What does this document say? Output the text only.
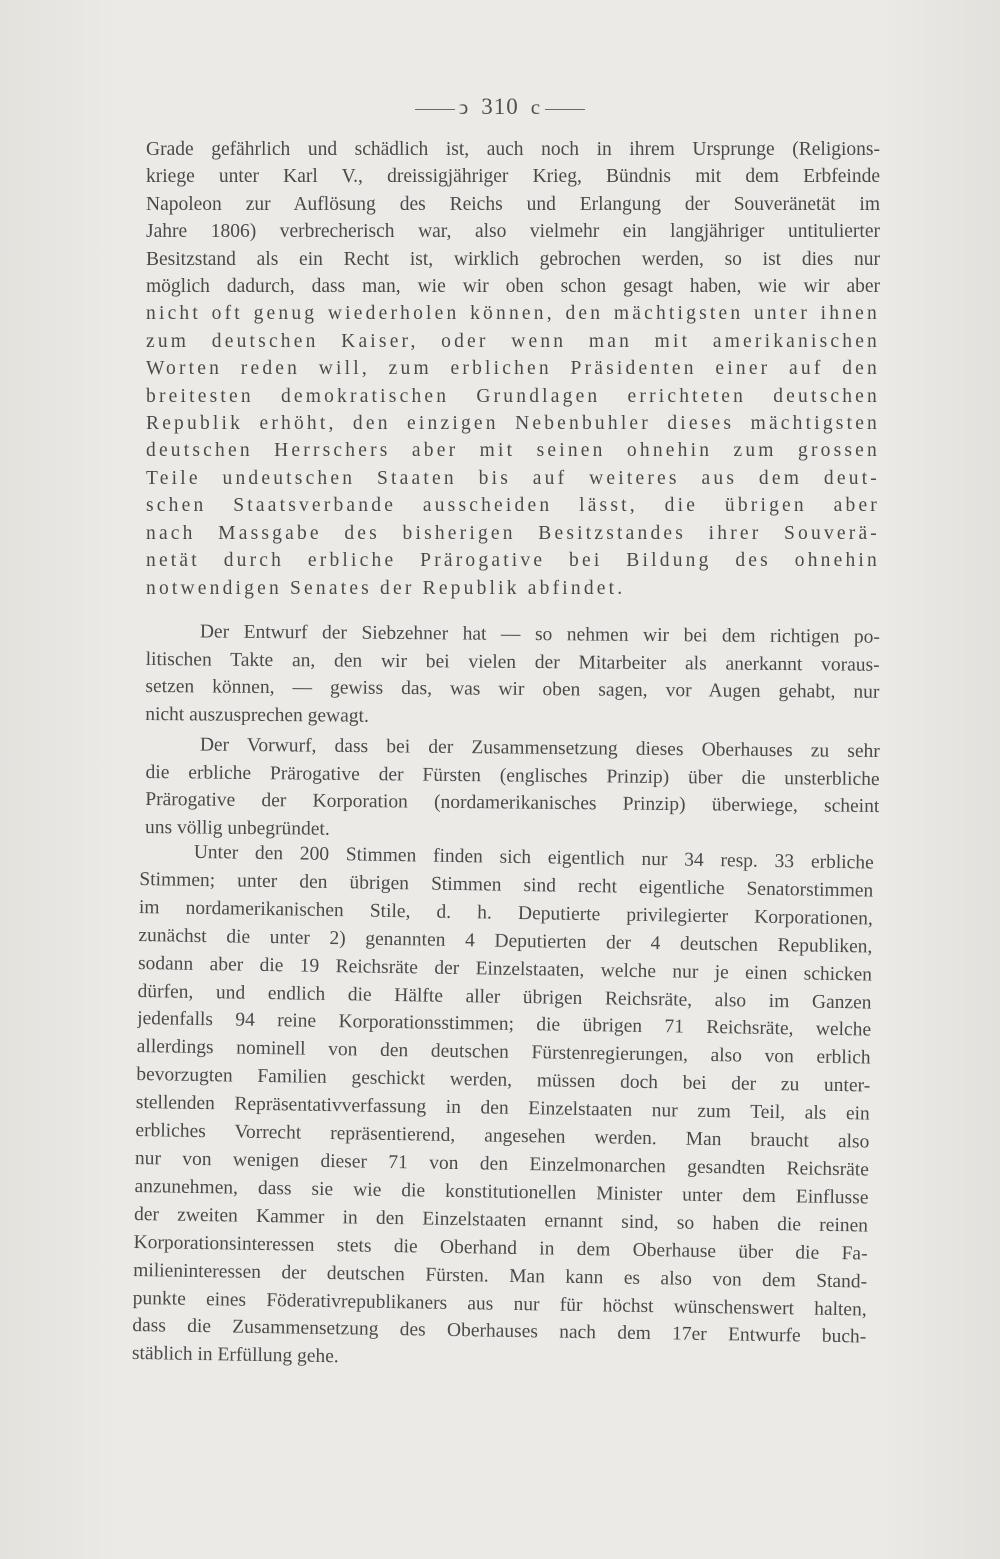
ↄ 310 c
Grade gefährlich und schädlich ist, auch noch in ihrem Ursprunge (Religions-
kriege unter Karl V., dreissigjähriger Krieg, Bündnis mit dem Erbfeinde
Napoleon zur Auflösung des Reichs und Erlangung der Souveränetät im
Jahre 1806) verbrecherisch war, also vielmehr ein langjähriger untitulierter
Besitzstand als ein Recht ist, wirklich gebrochen werden, so ist dies nur
möglich dadurch, dass man, wie wir oben schon gesagt haben, wie wir aber
nicht oft genug wiederholen können, den mächtigsten unter ihnen
zum deutschen Kaiser, oder wenn man mit amerikanischen
Worten reden will, zum erblichen Präsidenten einer auf den
breitesten demokratischen Grundlagen errichteten deutschen
Republik erhöht, den einzigen Nebenbuhler dieses mächtigsten
deutschen Herrschers aber mit seinen ohnehin zum grossen
Teile undeutschen Staaten bis auf weiteres aus dem deut-
schen Staatsverbande ausscheiden lässt, die übrigen aber
nach Massgabe des bisherigen Besitzstandes ihrer Souverä-
netät durch erbliche Prärogative bei Bildung des ohnehin
notwendigen Senates der Republik abfindet.
Der Entwurf der Siebzehner hat — so nehmen wir bei dem richtigen po-
litischen Takte an, den wir bei vielen der Mitarbeiter als anerkannt voraus-
setzen können, — gewiss das, was wir oben sagen, vor Augen gehabt, nur
nicht auszusprechen gewagt.
Der Vorwurf, dass bei der Zusammensetzung dieses Oberhauses zu sehr
die erbliche Prärogative der Fürsten (englisches Prinzip) über die unsterbliche
Prärogative der Korporation (nordamerikanisches Prinzip) überwiege, scheint
uns völlig unbegründet.
Unter den 200 Stimmen finden sich eigentlich nur 34 resp. 33 erbliche
Stimmen; unter den übrigen Stimmen sind recht eigentliche Senatorstimmen
im nordamerikanischen Stile, d. h. Deputierte privilegierter Korporationen,
zunächst die unter 2) genannten 4 Deputierten der 4 deutschen Republiken,
sodann aber die 19 Reichsräte der Einzelstaaten, welche nur je einen schicken
dürfen, und endlich die Hälfte aller übrigen Reichsräte, also im Ganzen
jedenfalls 94 reine Korporationsstimmen; die übrigen 71 Reichsräte, welche
allerdings nominell von den deutschen Fürstenregierungen, also von erblich
bevorzugten Familien geschickt werden, müssen doch bei der zu unter-
stellenden Repräsentativverfassung in den Einzelstaaten nur zum Teil, als ein
erbliches Vorrecht repräsentierend, angesehen werden. Man braucht also
nur von wenigen dieser 71 von den Einzelmonarchen gesandten Reichsräte
anzunehmen, dass sie wie die konstitutionellen Minister unter dem Einflusse
der zweiten Kammer in den Einzelstaaten ernannt sind, so haben die reinen
Korporationsinteressen stets die Oberhand in dem Oberhause über die Fa-
milieninteressen der deutschen Fürsten. Man kann es also von dem Stand-
punkte eines Föderativrepublikaners aus nur für höchst wünschenswert halten,
dass die Zusammensetzung des Oberhauses nach dem 17er Entwurfe buch-
stäblich in Erfüllung gehe.
